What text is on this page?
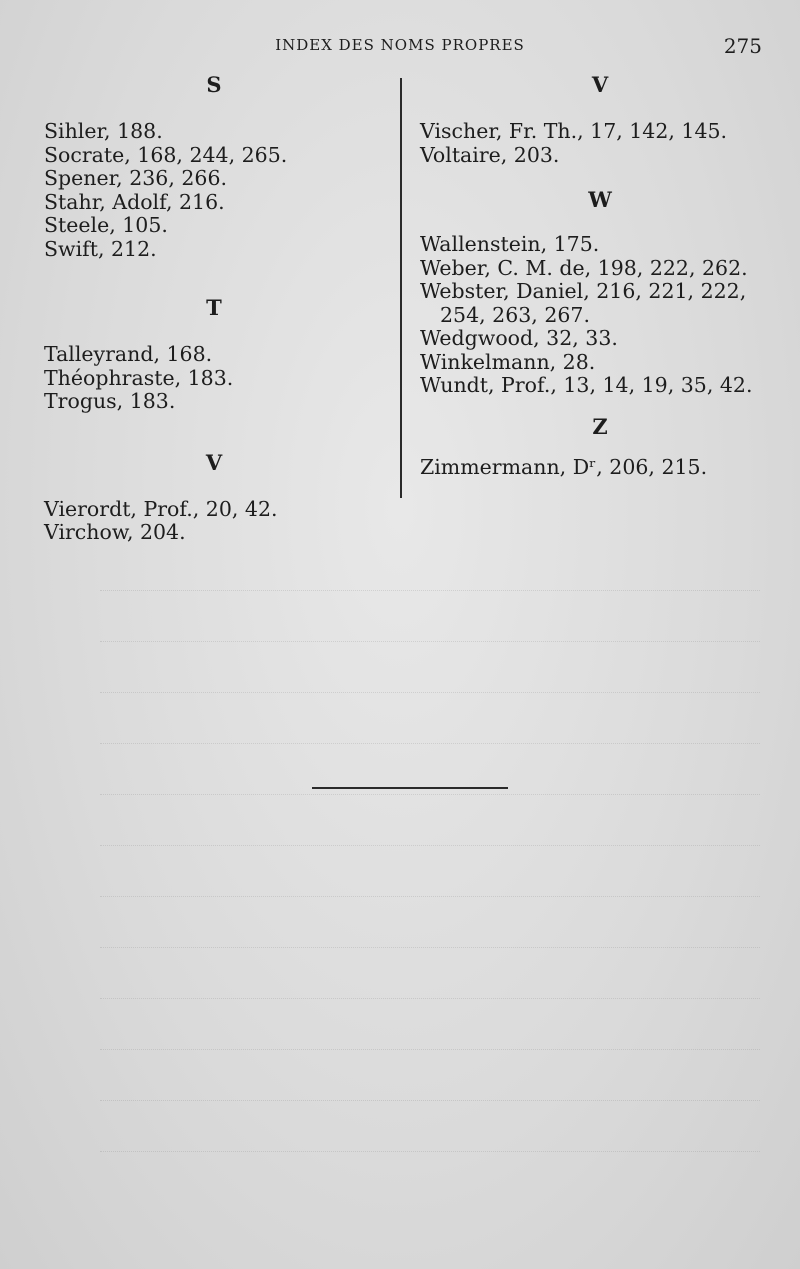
INDEX DES NOMS PROPRES	275
S
Sihler, 188.
Socrate, 168, 244, 265.
Spener, 236, 266.
Stahr, Adolf, 216.
Steele, 105.
Swift, 212.
T
Talleyrand, 168.
Théophraste, 183.
Trogus, 183.
V
Vierordt, Prof., 20, 42.
Virchow, 204.
V
Vischer, Fr. Th., 17, 142, 145.
Voltaire, 203.
W
Wallenstein, 175.
Weber, C. M. de, 198, 222, 262.
Webster, Daniel, 216, 221, 222,
254, 263, 267.
Wedgwood, 32, 33.
Winkelmann, 28.
Wundt, Prof., 13, 14, 19, 35, 42.
Z
Zimmermann, Dʳ, 206, 215.
